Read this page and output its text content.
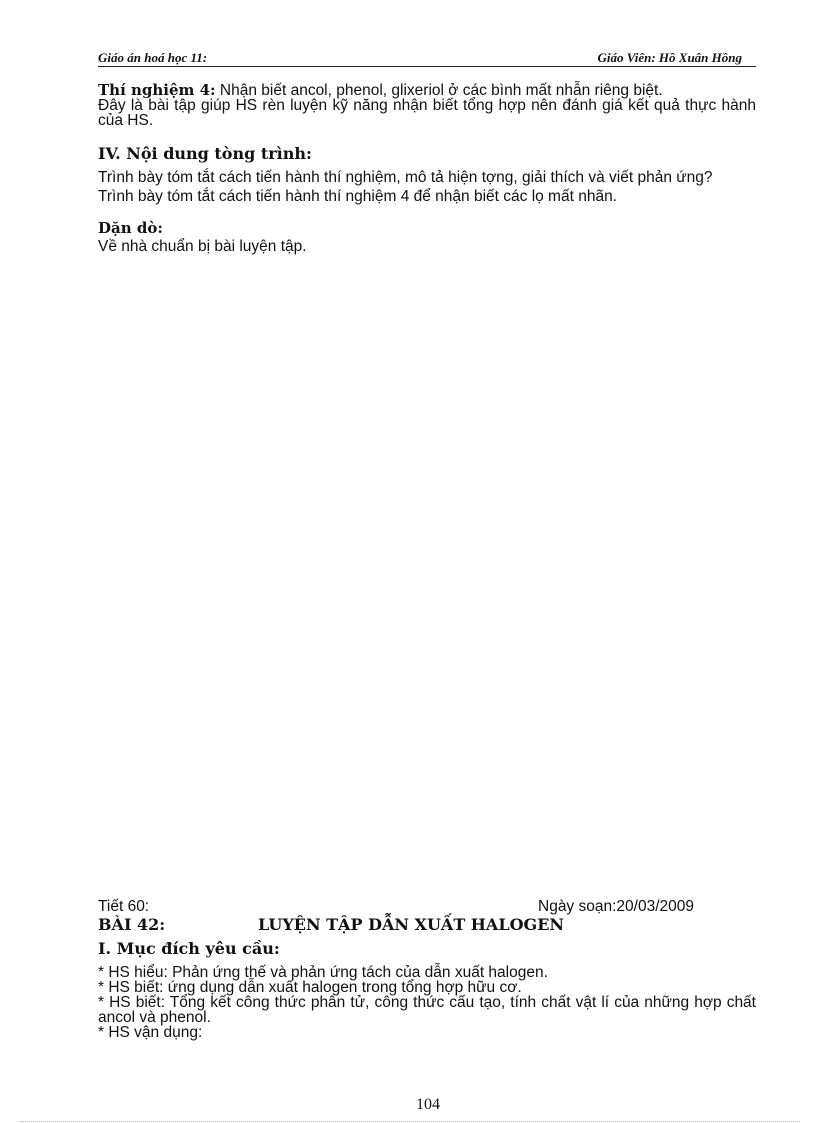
Giáo án hoá học 11:	Giáo Viên: Hồ Xuân Hồng
Thí nghiệm 4: Nhận biết ancol, phenol, glixeriol ở các bình mất nhẫn riêng biệt.
Đây là bài tập giúp HS rèn luyện kỹ năng nhận biết tổng hợp nên đánh giá kết quả thực hành của HS.
IV. Nội dung tòng trình:
Trình bày tóm tắt cách tiến hành thí nghiệm, mô tả hiện tợng, giải thích và viết phản ứng?
Trình bày tóm tắt cách tiến hành thí nghiệm 4 để nhận biết các lọ mất nhãn.
Dặn dò:
Về nhà chuẩn bị bài luyện tập.
Tiết 60:	Ngày soạn:20/03/2009
BÀI 42:	LUYỆN TẬP DẪN XUẤT HALOGEN
I. Mục đích yêu cầu:
* HS hiểu: Phản ứng thế và phản ứng tách của dẫn xuất halogen.
* HS biết: ứng dụng dẫn xuất halogen trong tổng hợp hữu cơ.
* HS biết: Tổng kết công thức phân tử, công thức cấu tạo, tính chất vật lí của những hợp chất ancol và phenol.
* HS vận dụng:
104
